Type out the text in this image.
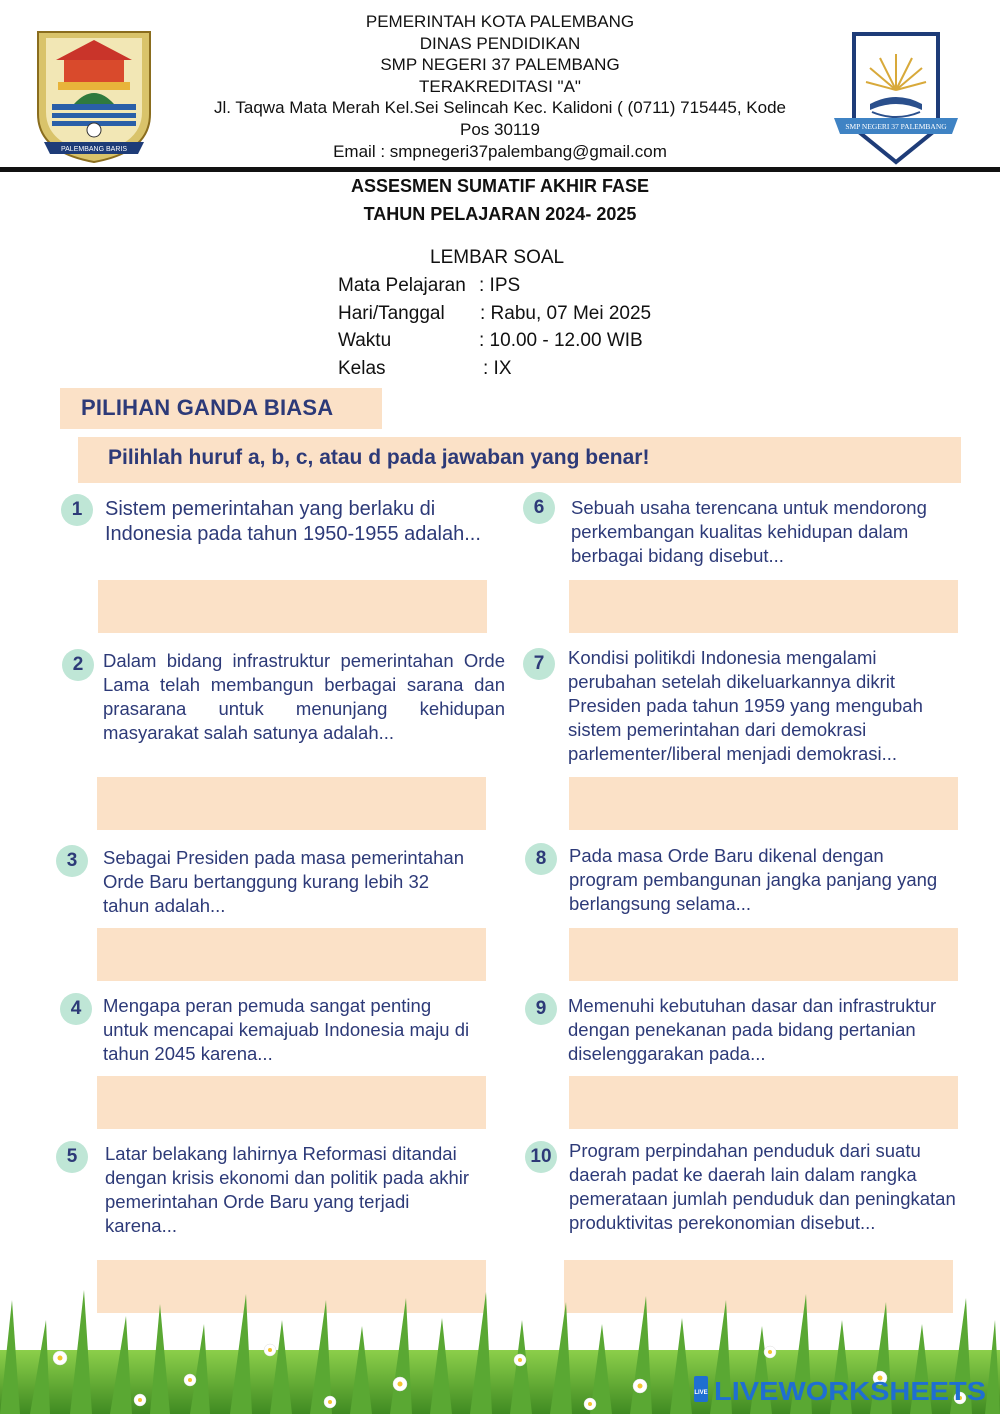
PALEMBANG BARIS
SMP NEGERI 37 PALEMBANG
PEMERINTAH KOTA PALEMBANG
DINAS PENDIDIKAN
SMP NEGERI 37 PALEMBANG
TERAKREDITASI "A"
Jl. Taqwa Mata Merah Kel.Sei Selincah Kec. Kalidoni ( (0711) 715445, Kode
Pos 30119
Email : smpnegeri37palembang@gmail.com
ASSESMEN SUMATIF AKHIR FASE
TAHUN PELAJARAN 2024- 2025
LEMBAR SOAL
Mata Pelajaran : IPS
Hari/Tanggal : Rabu, 07 Mei 2025
Waktu	: 10.00 - 12.00 WIB
Kelas	: IX
PILIHAN GANDA BIASA
Pilihlah huruf a, b, c, atau d pada jawaban yang benar!
1	Sistem pemerintahan yang berlaku di Indonesia pada tahun 1950-1955 adalah...
2	Dalam bidang infrastruktur pemerintahan Orde Lama telah membangun berbagai sarana dan prasarana untuk menunjang kehidupan masyarakat salah satunya adalah...
3	Sebagai Presiden pada masa pemerintahan Orde Baru bertanggung kurang lebih 32 tahun adalah...
4	Mengapa peran pemuda sangat penting untuk mencapai kemajuab Indonesia maju di tahun 2045 karena...
5	Latar belakang lahirnya Reformasi ditandai dengan krisis ekonomi dan politik pada akhir pemerintahan Orde Baru yang terjadi karena...
6	Sebuah usaha terencana untuk mendorong perkembangan kualitas kehidupan dalam berbagai bidang disebut...
7	Kondisi politikdi Indonesia mengalami perubahan setelah dikeluarkannya dikrit Presiden pada tahun 1959 yang mengubah sistem pemerintahan dari demokrasi parlementer/liberal menjadi demokrasi...
8	Pada masa Orde Baru dikenal dengan program pembangunan jangka panjang yang berlangsung selama...
9	Memenuhi kebutuhan dasar dan infrastruktur dengan penekanan pada bidang pertanian diselenggarakan pada...
10 Program perpindahan penduduk dari suatu daerah padat ke daerah lain dalam rangka pemerataan jumlah penduduk dan peningkatan produktivitas perekonomian disebut...
LIVE LIVEWORKSHEETS
